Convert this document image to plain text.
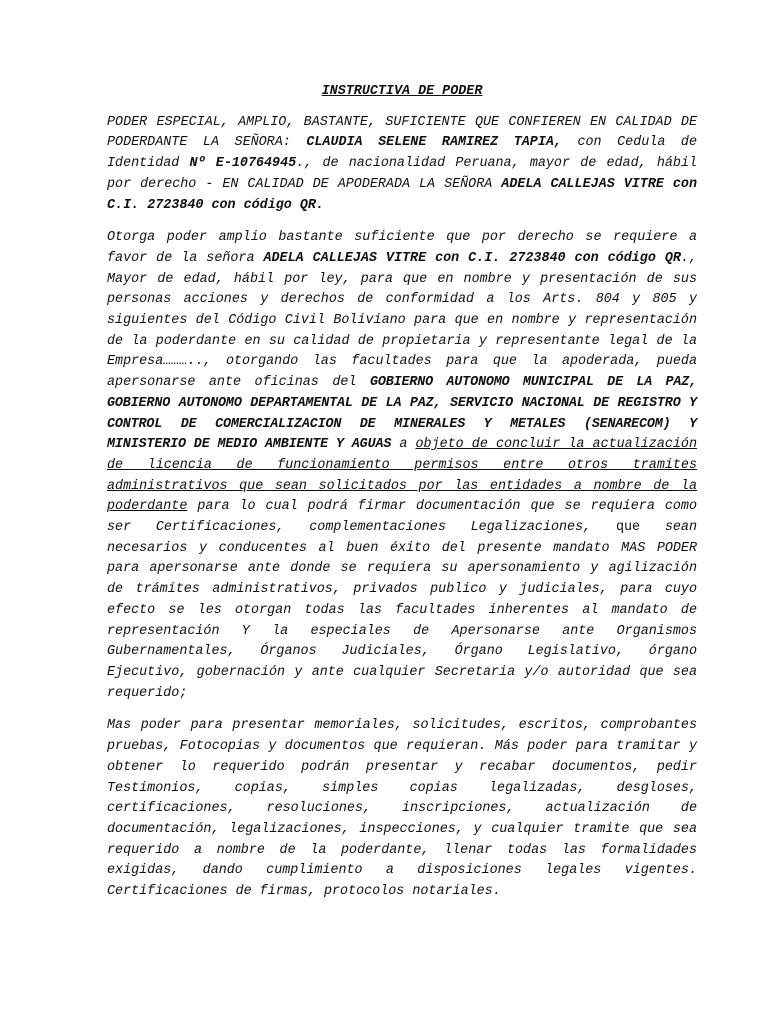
INSTRUCTIVA DE PODER

PODER ESPECIAL, AMPLIO, BASTANTE, SUFICIENTE QUE CONFIEREN EN CALIDAD DE PODERDANTE LA SEÑORA: CLAUDIA SELENE RAMIREZ TAPIA, con Cedula de Identidad Nº E-10764945., de nacionalidad Peruana, mayor de edad, hábil por derecho - EN CALIDAD DE APODERADA LA SEÑORA ADELA CALLEJAS VITRE con C.I. 2723840 con código QR.

Otorga poder amplio bastante suficiente que por derecho se requiere a favor de la señora ADELA CALLEJAS VITRE con C.I. 2723840 con código QR., Mayor de edad, hábil por ley, para que en nombre y presentación de sus personas acciones y derechos de conformidad a los Arts. 804 y 805 y siguientes del Código Civil Boliviano para que en nombre y representación de la poderdante en su calidad de propietaria y representante legal de la Empresa……….., otorgando las facultades para que la apoderada, pueda apersonarse ante oficinas del GOBIERNO AUTONOMO MUNICIPAL DE LA PAZ, GOBIERNO AUTONOMO DEPARTAMENTAL DE LA PAZ, SERVICIO NACIONAL DE REGISTRO Y CONTROL DE COMERCIALIZACION DE MINERALES Y METALES (SENARECOM) Y MINISTERIO DE MEDIO AMBIENTE Y AGUAS a objeto de concluir la actualización de licencia de funcionamiento permisos entre otros tramites administrativos que sean solicitados por las entidades a nombre de la poderdante para lo cual podrá firmar documentación que se requiera como ser Certificaciones, complementaciones Legalizaciones, que sean necesarios y conducentes al buen éxito del presente mandato MAS PODER para apersonarse ante donde se requiera su apersonamiento y agilización de trámites administrativos, privados publico y judiciales, para cuyo efecto se les otorgan todas las facultades inherentes al mandato de representación Y la especiales de Apersonarse ante Organismos Gubernamentales, Órganos Judiciales, Órgano Legislativo, órgano Ejecutivo, gobernación y ante cualquier Secretaria y/o autoridad que sea requerido;

Mas poder para presentar memoriales, solicitudes, escritos, comprobantes pruebas, Fotocopias y documentos que requieran. Más poder para tramitar y obtener lo requerido podrán presentar y recabar documentos, pedir Testimonios, copias, simples copias legalizadas, desgloses, certificaciones, resoluciones, inscripciones, actualización de documentación, legalizaciones, inspecciones, y cualquier tramite que sea requerido a nombre de la poderdante, llenar todas las formalidades exigidas, dando cumplimiento a disposiciones legales vigentes. Certificaciones de firmas, protocolos notariales.
